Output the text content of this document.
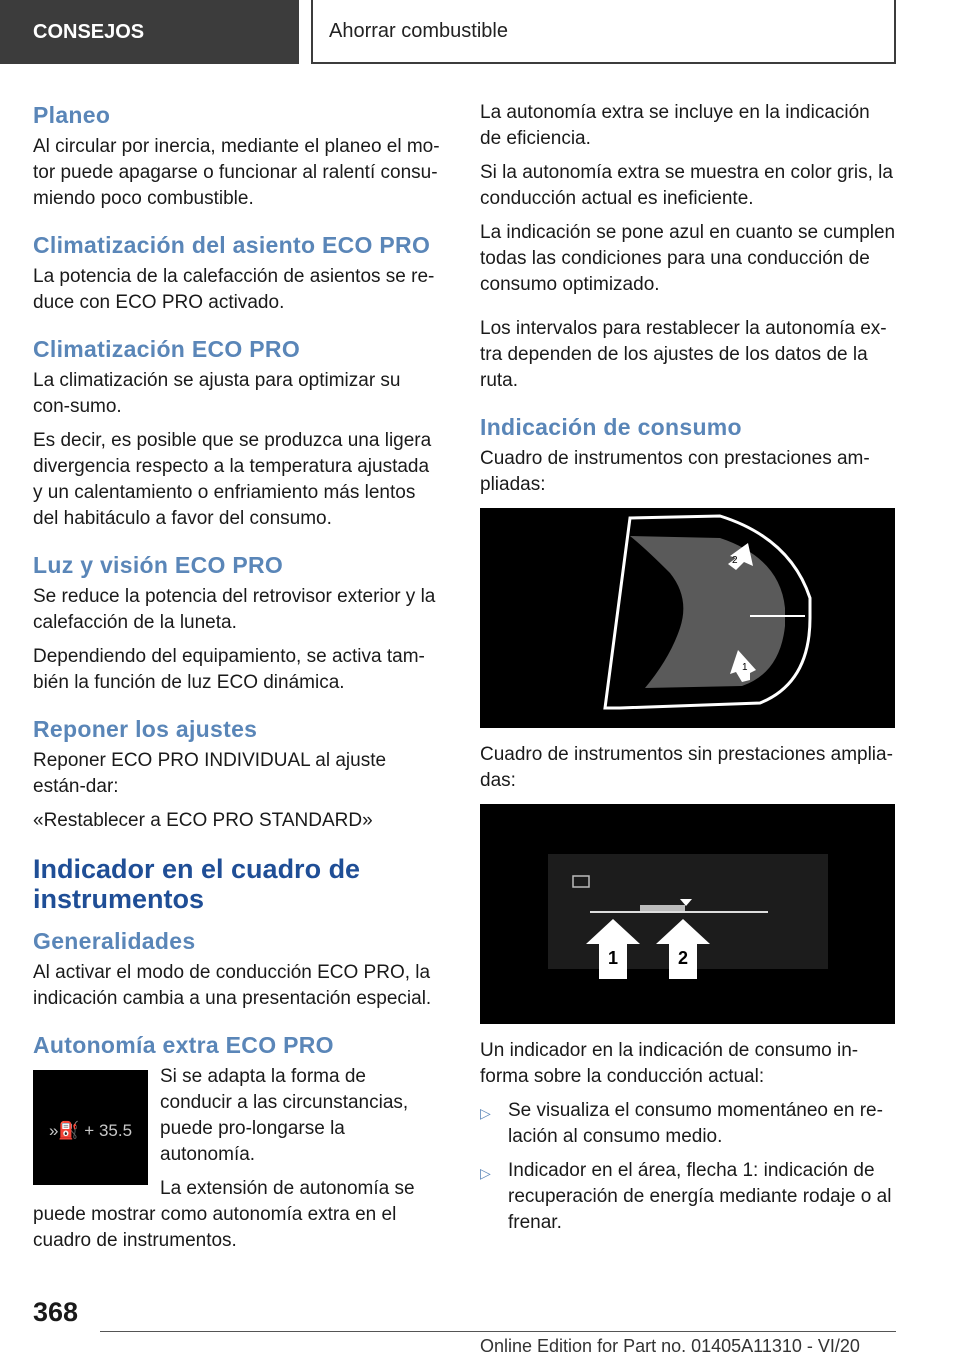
CONSEJOS	Ahorrar combustible
Planeo

Al circular por inercia, mediante el planeo el mo-tor puede apagarse o funcionar al ralentí consu-miendo poco combustible.

Climatización del asiento ECO PRO

La potencia de la calefacción de asientos se re-duce con ECO PRO activado.

Climatización ECO PRO

La climatización se ajusta para optimizar su con-sumo.

Es decir, es posible que se produzca una ligera divergencia respecto a la temperatura ajustada y un calentamiento o enfriamiento más lentos del habitáculo a favor del consumo.

Luz y visión ECO PRO

Se reduce la potencia del retrovisor exterior y la calefacción de la luneta.

Dependiendo del equipamiento, se activa tam-bién la función de luz ECO dinámica.

Reponer los ajustes

Reponer ECO PRO INDIVIDUAL al ajuste están-dar:

«Restablecer a ECO PRO STANDARD»

Indicador en el cuadro de instrumentos
Generalidades

Al activar el modo de conducción ECO PRO, la indicación cambia a una presentación especial.

Autonomía extra ECO PRO
»⛽ + 35.5

Si se adapta la forma de conducir a las circunstancias, puede pro-longarse la autonomía.

La extensión de autonomía se puede mostrar como autonomía extra en el cuadro de instrumentos.

La autonomía extra se incluye en la indicación de eficiencia.

Si la autonomía extra se muestra en color gris, la conducción actual es ineficiente.

La indicación se pone azul en cuanto se cumplen todas las condiciones para una conducción de consumo optimizado.

Los intervalos para restablecer la autonomía ex-tra dependen de los ajustes de los datos de la ruta.

Indicación de consumo

Cuadro de instrumentos con prestaciones am-pliadas:

2
1

Cuadro de instrumentos sin prestaciones amplia-das:

1	2

Un indicador en la indicación de consumo in-forma sobre la conducción actual:

▷ Se visualiza el consumo momentáneo en re-lación al consumo medio.
▷ Indicador en el área, flecha 1: indicación de recuperación de energía mediante rodaje o al frenar.
368
Online Edition for Part no. 01405A11310 - VI/20
